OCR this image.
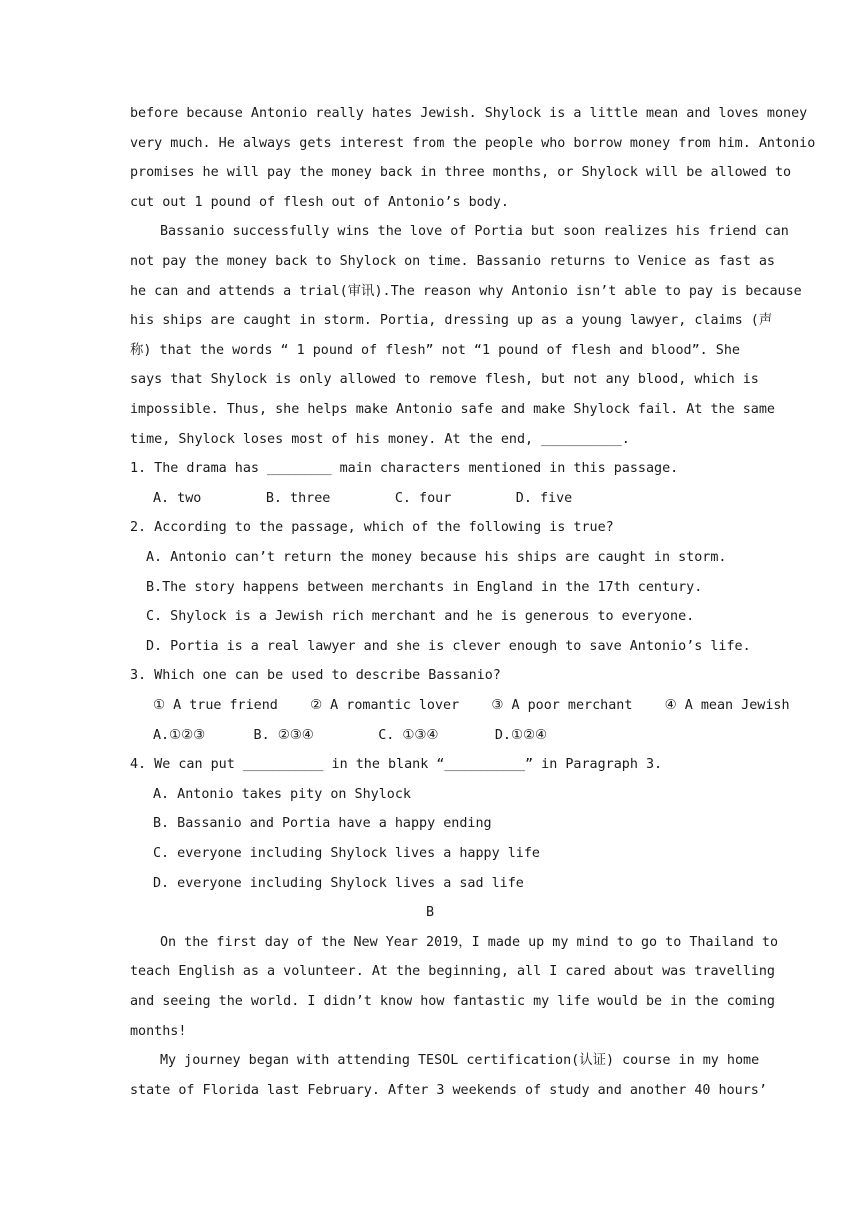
before because Antonio really hates Jewish. Shylock is a little mean and loves money
very much. He always gets interest from the people who borrow money from him. Antonio
promises he will pay the money back in three months, or Shylock will be allowed to
cut out 1 pound of flesh out of Antonio’s body.
Bassanio successfully wins the love of Portia but soon realizes his friend can
not pay the money back to Shylock on time. Bassanio returns to Venice as fast as
he can and attends a trial(审讯).The reason why Antonio isn’t able to pay is because
his ships are caught in storm. Portia, dressing up as a young lawyer, claims (声
称) that the words “ 1 pound of flesh” not “1 pound of flesh and blood”. She
says that Shylock is only allowed to remove flesh, but not any blood, which is
impossible. Thus, she helps make Antonio safe and make Shylock fail. At the same
time, Shylock loses most of his money. At the end, __________.
1. The drama has ________ main characters mentioned in this passage.
A. two        B. three        C. four        D. five
2. According to the passage, which of the following is true?
A. Antonio can’t return the money because his ships are caught in storm.
B.The story happens between merchants in England in the 17th century.
C. Shylock is a Jewish rich merchant and he is generous to everyone.
D. Portia is a real lawyer and she is clever enough to save Antonio’s life.
3. Which one can be used to describe Bassanio?
① A true friend    ② A romantic lover    ③ A poor merchant    ④ A mean Jewish
A.①②③      B. ②③④        C. ①③④       D.①②④
4. We can put __________ in the blank “__________” in Paragraph 3.
A. Antonio takes pity on Shylock
B. Bassanio and Portia have a happy ending
C. everyone including Shylock lives a happy life
D. everyone including Shylock lives a sad life
B
On the first day of the New Year 2019，I made up my mind to go to Thailand to
teach English as a volunteer. At the beginning, all I cared about was travelling
and seeing the world. I didn’t know how fantastic my life would be in the coming
months!
My journey began with attending TESOL certification(认证) course in my home
state of Florida last February. After 3 weekends of study and another 40 hours’
